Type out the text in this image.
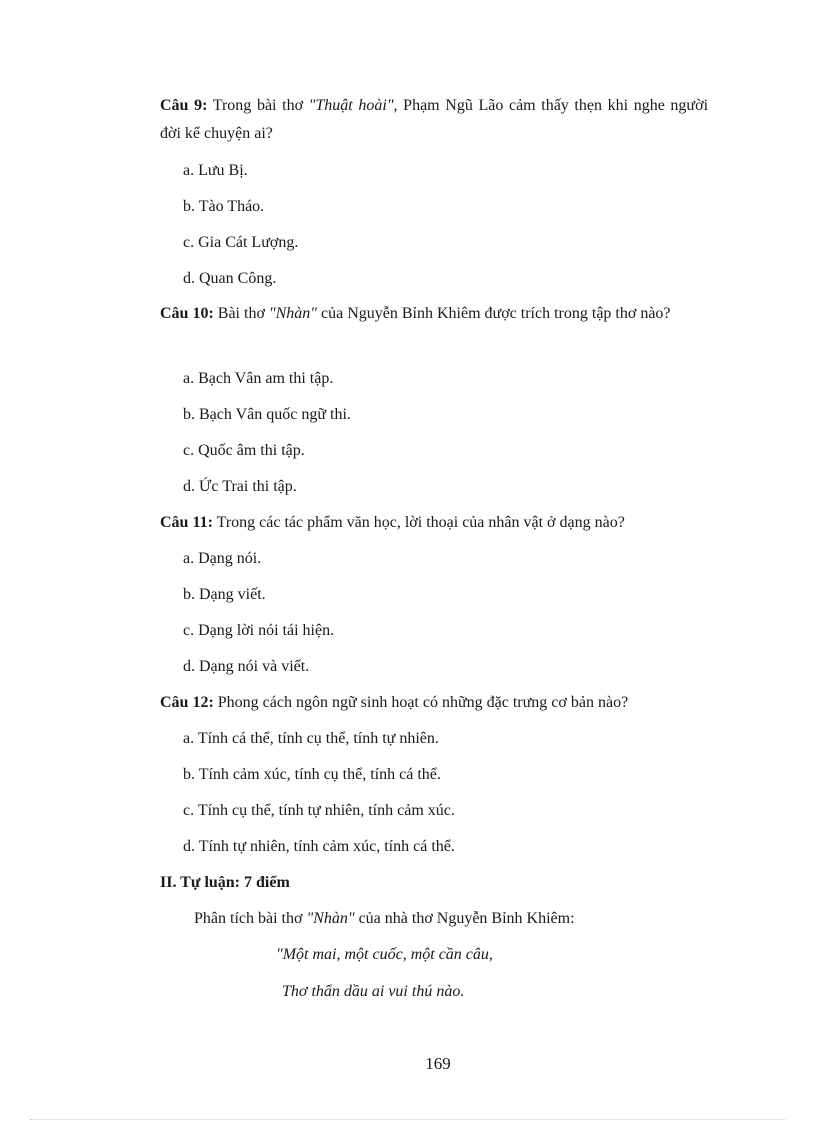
Câu 9: Trong bài thơ "Thuật hoài", Phạm Ngũ Lão cảm thấy thẹn khi nghe người đời kể chuyện ai?
a. Lưu Bị.
b. Tào Tháo.
c. Gia Cát Lượng.
d. Quan Công.
Câu 10: Bài thơ "Nhàn" của Nguyễn Bỉnh Khiêm được trích trong tập thơ nào?
a. Bạch Vân am thi tập.
b. Bạch Vân quốc ngữ thi.
c. Quốc âm thi tập.
d. Ức Trai thi tập.
Câu 11: Trong các tác phẩm văn học, lời thoại của nhân vật ở dạng nào?
a. Dạng nói.
b. Dạng viết.
c. Dạng lời nói tái hiện.
d. Dạng nói và viết.
Câu 12: Phong cách ngôn ngữ sinh hoạt có những đặc trưng cơ bản nào?
a. Tính cá thể, tính cụ thể, tính tự nhiên.
b. Tính cảm xúc, tính cụ thể, tính cá thể.
c. Tính cụ thể, tính tự nhiên, tính cảm xúc.
d. Tính tự nhiên, tính cảm xúc, tính cá thể.
II. Tự luận: 7 điểm
Phân tích bài thơ "Nhàn" của nhà thơ Nguyễn Bỉnh Khiêm:
"Một mai, một cuốc, một cần câu,
Thơ thẩn dầu ai vui thú nào.
169
